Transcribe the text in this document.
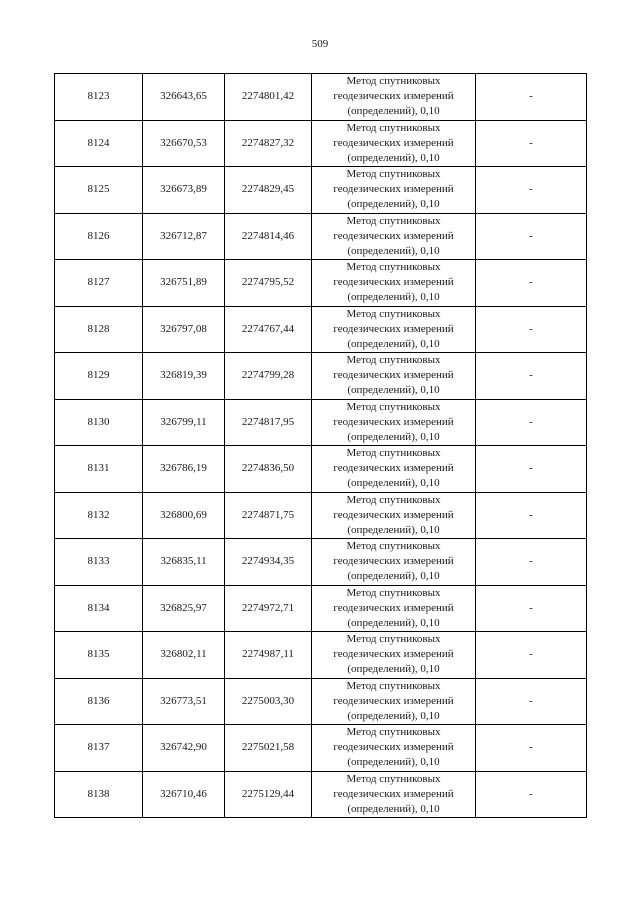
509
8123	326643,65	2274801,42	Метод спутниковых
геодезических измерений
(определений), 0,10	-
8124	326670,53	2274827,32	Метод спутниковых
геодезических измерений
(определений), 0,10	-
8125	326673,89	2274829,45	Метод спутниковых
геодезических измерений
(определений), 0,10	-
8126	326712,87	2274814,46	Метод спутниковых
геодезических измерений
(определений), 0,10	-
8127	326751,89	2274795,52	Метод спутниковых
геодезических измерений
(определений), 0,10	-
8128	326797,08	2274767,44	Метод спутниковых
геодезических измерений
(определений), 0,10	-
8129	326819,39	2274799,28	Метод спутниковых
геодезических измерений
(определений), 0,10	-
8130	326799,11	2274817,95	Метод спутниковых
геодезических измерений
(определений), 0,10	-
8131	326786,19	2274836,50	Метод спутниковых
геодезических измерений
(определений), 0,10	-
8132	326800,69	2274871,75	Метод спутниковых
геодезических измерений
(определений), 0,10	-
8133	326835,11	2274934,35	Метод спутниковых
геодезических измерений
(определений), 0,10	-
8134	326825,97	2274972,71	Метод спутниковых
геодезических измерений
(определений), 0,10	-
8135	326802,11	2274987,11	Метод спутниковых
геодезических измерений
(определений), 0,10	-
8136	326773,51	2275003,30	Метод спутниковых
геодезических измерений
(определений), 0,10	-
8137	326742,90	2275021,58	Метод спутниковых
геодезических измерений
(определений), 0,10	-
8138	326710,46	2275129,44	Метод спутниковых
геодезических измерений
(определений), 0,10	-
